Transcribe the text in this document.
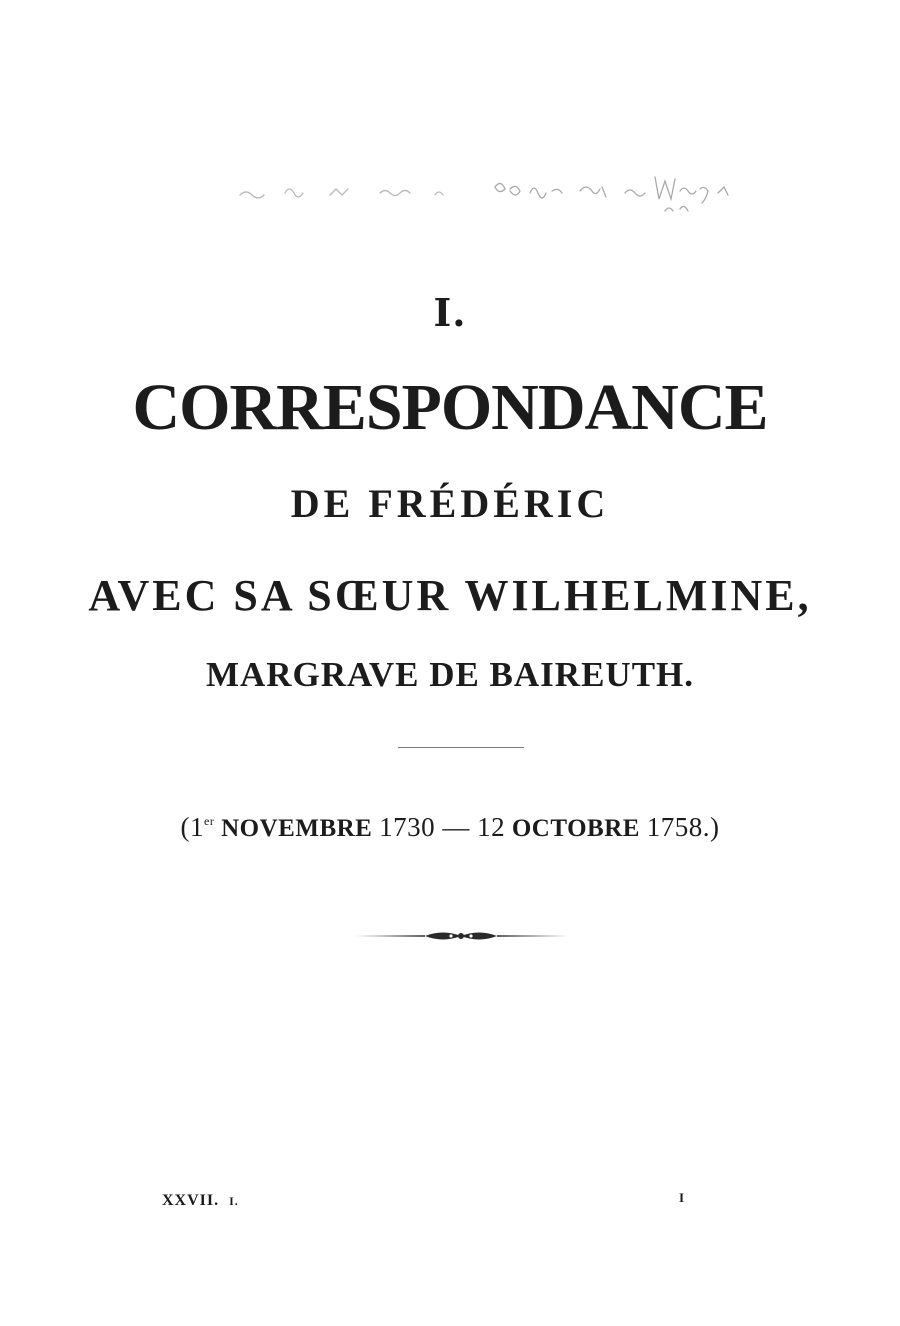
I.
CORRESPONDANCE
DE FRÉDÉRIC
AVEC SA SŒUR WILHELMINE,
MARGRAVE DE BAIREUTH.
(1er NOVEMBRE 1730 — 12 OCTOBRE 1758.)
XXVII. I.	I
